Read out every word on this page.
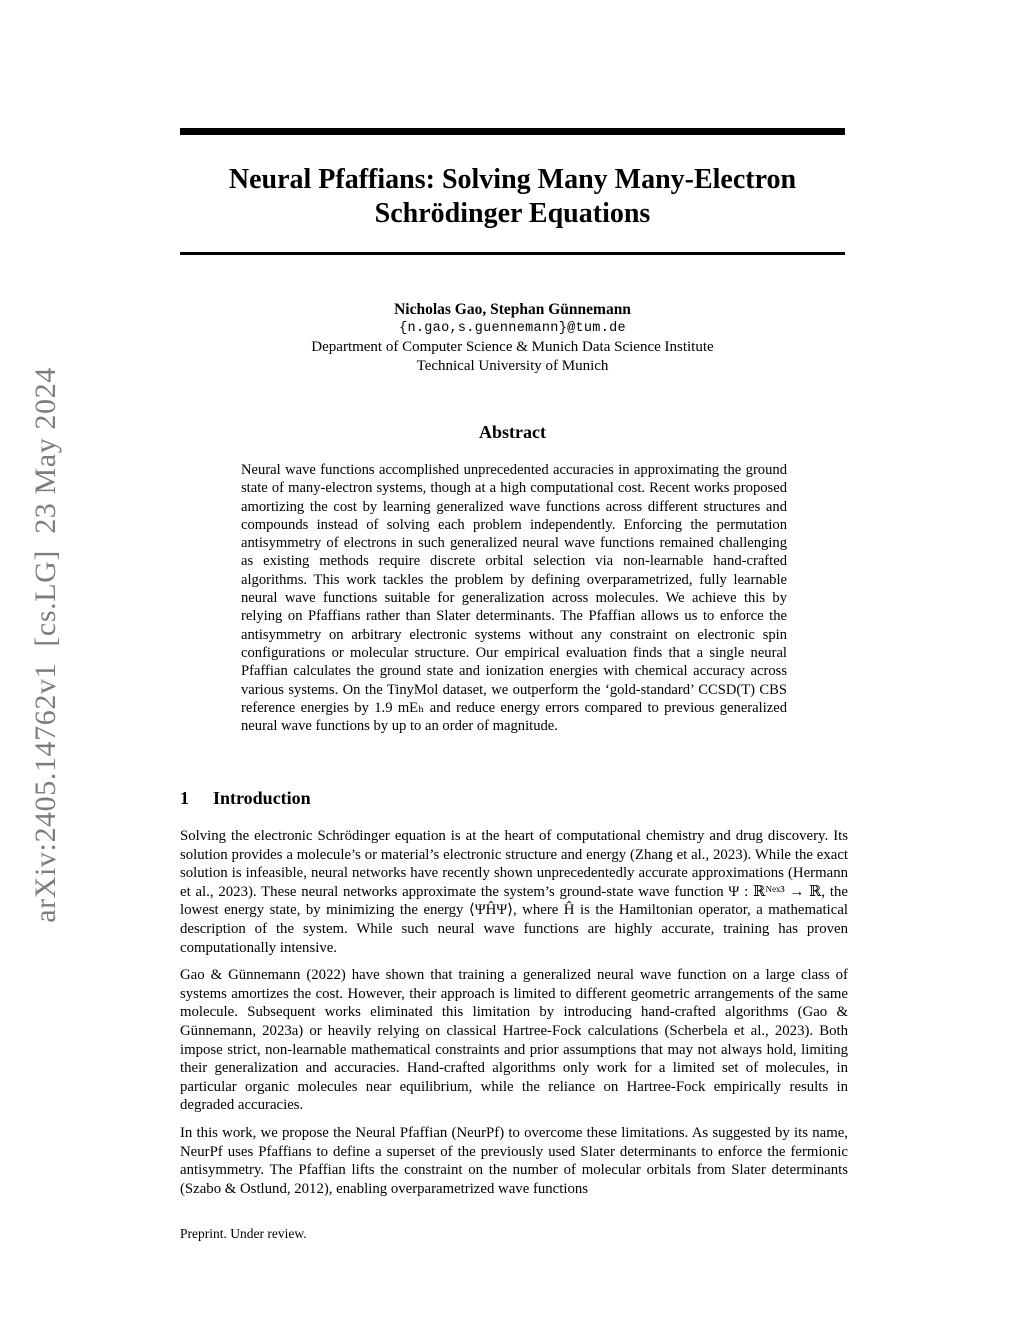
arXiv:2405.14762v1  [cs.LG]  23 May 2024
Neural Pfaffians: Solving Many Many-Electron
Schrödinger Equations
Nicholas Gao, Stephan Günnemann
{n.gao,s.guennemann}@tum.de
Department of Computer Science & Munich Data Science Institute
Technical University of Munich
Abstract
Neural wave functions accomplished unprecedented accuracies in approximating the ground state of many-electron systems, though at a high computational cost. Recent works proposed amortizing the cost by learning generalized wave functions across different structures and compounds instead of solving each problem independently. Enforcing the permutation antisymmetry of electrons in such generalized neural wave functions remained challenging as existing methods require discrete orbital selection via non-learnable hand-crafted algorithms. This work tackles the problem by defining overparametrized, fully learnable neural wave functions suitable for generalization across molecules. We achieve this by relying on Pfaffians rather than Slater determinants. The Pfaffian allows us to enforce the antisymmetry on arbitrary electronic systems without any constraint on electronic spin configurations or molecular structure. Our empirical evaluation finds that a single neural Pfaffian calculates the ground state and ionization energies with chemical accuracy across various systems. On the TinyMol dataset, we outperform the ‘gold-standard’ CCSD(T) CBS reference energies by 1.9 mEₕ and reduce energy errors compared to previous generalized neural wave functions by up to an order of magnitude.
1 Introduction

Solving the electronic Schrödinger equation is at the heart of computational chemistry and drug discovery. Its solution provides a molecule’s or material’s electronic structure and energy (Zhang et al., 2023). While the exact solution is infeasible, neural networks have recently shown unprecedentedly accurate approximations (Hermann et al., 2023). These neural networks approximate the system’s ground-state wave function Ψ : ℝᴺᵉˣ³ → ℝ, the lowest energy state, by minimizing the energy ⟨ΨĤΨ⟩, where Ĥ is the Hamiltonian operator, a mathematical description of the system. While such neural wave functions are highly accurate, training has proven computationally intensive.

Gao & Günnemann (2022) have shown that training a generalized neural wave function on a large class of systems amortizes the cost. However, their approach is limited to different geometric arrangements of the same molecule. Subsequent works eliminated this limitation by introducing hand-crafted algorithms (Gao & Günnemann, 2023a) or heavily relying on classical Hartree-Fock calculations (Scherbela et al., 2023). Both impose strict, non-learnable mathematical constraints and prior assumptions that may not always hold, limiting their generalization and accuracies. Hand-crafted algorithms only work for a limited set of molecules, in particular organic molecules near equilibrium, while the reliance on Hartree-Fock empirically results in degraded accuracies.

In this work, we propose the Neural Pfaffian (NeurPf) to overcome these limitations. As suggested by its name, NeurPf uses Pfaffians to define a superset of the previously used Slater determinants to enforce the fermionic antisymmetry. The Pfaffian lifts the constraint on the number of molecular orbitals from Slater determinants (Szabo & Ostlund, 2012), enabling overparametrized wave functions

Preprint. Under review.
